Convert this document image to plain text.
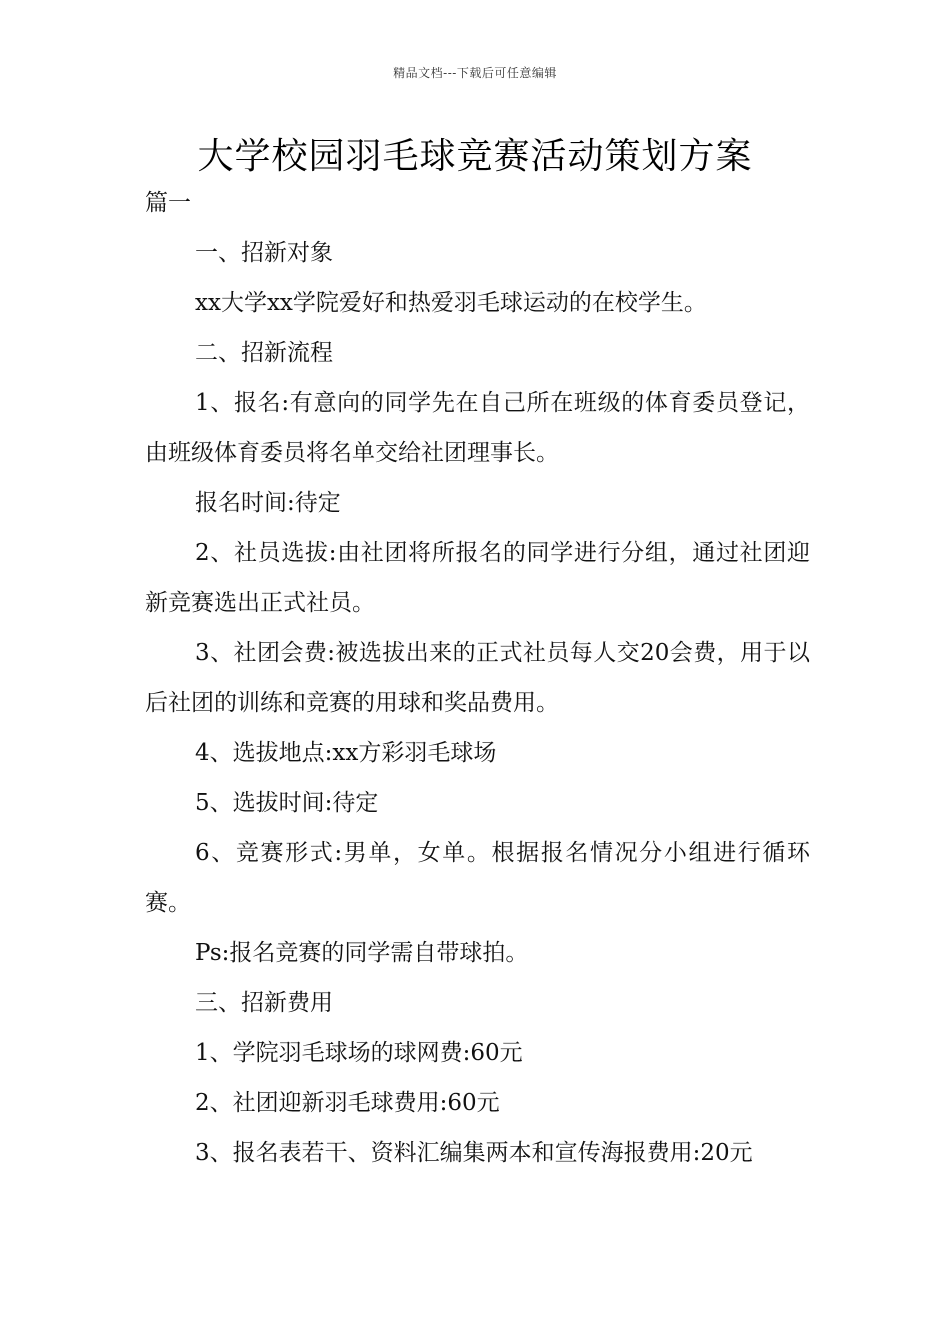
精品文档---下载后可任意编辑
大学校园羽毛球竞赛活动策划方案

篇一

一、招新对象

xx大学xx学院爱好和热爱羽毛球运动的在校学生。

二、招新流程

1、报名:有意向的同学先在自己所在班级的体育委员登记，由班级体育委员将名单交给社团理事长。

报名时间:待定

2、社员选拔:由社团将所报名的同学进行分组，通过社团迎新竞赛选出正式社员。

3、社团会费:被选拔出来的正式社员每人交20会费，用于以后社团的训练和竞赛的用球和奖品费用。

4、选拔地点:xx方彩羽毛球场

5、选拔时间:待定

6、竞赛形式:男单，女单。根据报名情况分小组进行循环赛。

Ps:报名竞赛的同学需自带球拍。

三、招新费用

1、学院羽毛球场的球网费:60元

2、社团迎新羽毛球费用:60元

3、报名表若干、资料汇编集两本和宣传海报费用:20元
